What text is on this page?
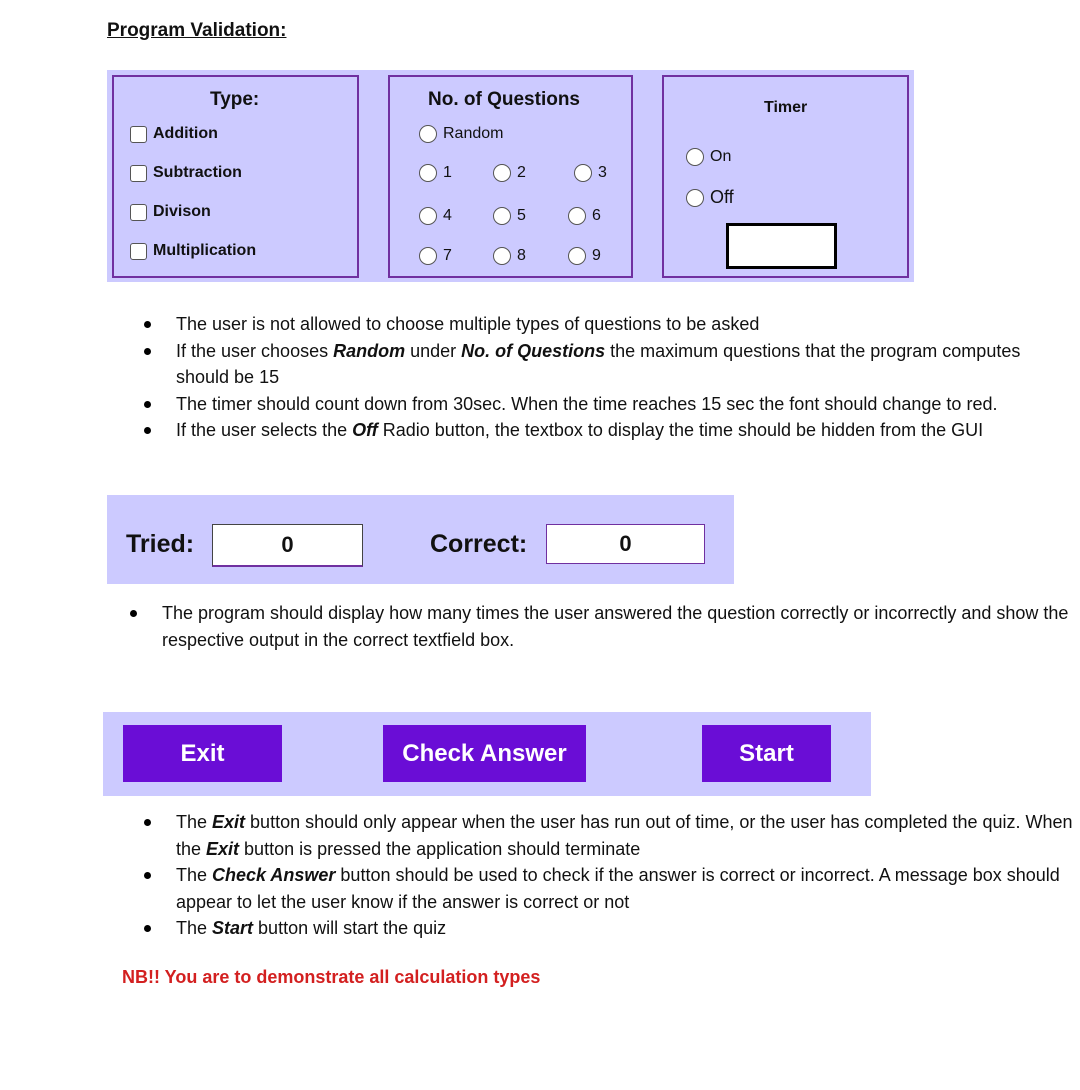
Program Validation:
Type:
Addition
Subtraction
Divison
Multiplication
No. of Questions
Random
1	2	3
4	5	6
7	8	9
Timer
On
Off
The user is not allowed to choose multiple types of questions to be asked
If the user chooses Random under No. of Questions the maximum questions that the program computes should be 15
The timer should count down from 30sec. When the time reaches 15 sec the font should change to red.
If the user selects the Off Radio button, the textbox to display the time should be hidden from the GUI
Tried:	0	Correct:	0
The program should display how many times the user answered the question correctly or incorrectly and show the respective output in the correct textfield box.
Exit	Check Answer	Start
The Exit button should only appear when the user has run out of time, or the user has completed the quiz. When the Exit button is pressed the application should terminate
The Check Answer button should be used to check if the answer is correct or incorrect. A message box should appear to let the user know if the answer is correct or not
The Start button will start the quiz
NB!! You are to demonstrate all calculation types
